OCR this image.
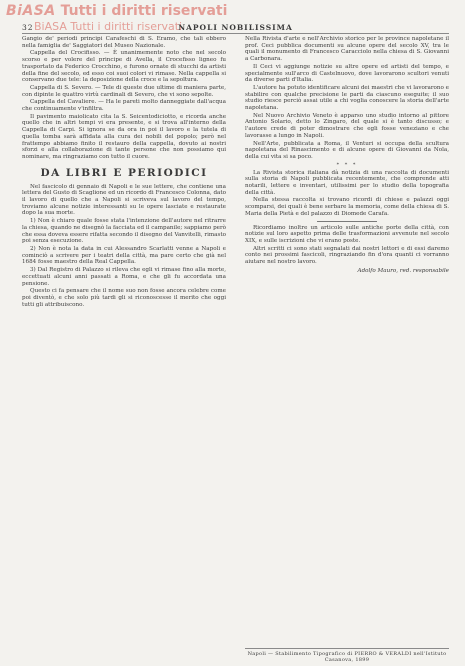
BiASA Tutti i diritti riservati
BiASA Tutti i diritti riservati
32	NAPOLI NOBILISSIMA

Gangio de' periodi principi Carafeschi di S. Eramo, che tali ebbero nella famiglia de' Saggiatori del Museo Nazionale.

Cappella del Crocifisso. — È unanimemente noto che nel secolo scorso e per volere del principe di Avella, il Crocefisso ligneo fu trasportato da Federico Crocchino, e furono ornate di stucchi da artisti della fine del secolo, ed esso coi suoi colori vi rimase. Nella cappella si conservano due tele: la deposizione della croce e la sepoltura.

Cappella di S. Severo. — Tele di queste due ultime di maniera parte, con dipinte le quattro virtù cardinali di Severo, che vi sono sepolte.

Cappella del Cavaliere. — Ha le pareti molto danneggiate dall'acqua che continuamente v'infiltra.

Il pavimento maiolicato cita la S. Seicentodiciotto, e ricorda anche quello che in altri tempi vi era presente, e si trova all'interno della Cappella di Carpi. Si ignora se da ora in poi il lavoro e la tutela di quella tomba sarà affidata alla cura dei nobili del popolo; però nel frattempo abbiamo finito il restauro della cappella, dovuto ai nostri sforzi e alla collaborazione di tante persone che non possiamo qui nominare, ma ringraziamo con tutto il cuore.

DA LIBRI E PERIODICI

Nel fascicolo di gennaio di Napoli e le sue lettere, che contiene una lettera del Gusto di Scaglione ed un ricordo di Francesco Colonna, dato il lavoro di quello che a Napoli si scriveva sul lavoro del tempo, troviamo alcune notizie interessanti su le opere lasciate e restaurate dopo la sua morte.

1) Non è chiaro quale fosse stata l'intenzione dell'autore nel ritrarre la chiesa, quando ne disegnò la facciata ed il campanile; sappiamo però che essa doveva essere rifatta secondo il disegno del Vanvitelli, rimasto poi senza esecuzione.

2) Non è nota la data in cui Alessandro Scarlatti venne a Napoli e cominciò a scrivere per i teatri della città, ma pare certo che già nel 1684 fosse maestro della Real Cappella.

3) Dal Registro di Palazzo si rileva che egli vi rimase fino alla morte, eccettuati alcuni anni passati a Roma, e che gli fu accordata una pensione.

Questo ci fa pensare che il nome suo non fosse ancora celebre come poi diventò, e che solo più tardi gli si riconoscesse il merito che oggi tutti gli attribuiscono.

Nella Rivista d'arte e nell'Archivio storico per le province napoletane il prof. Ceci pubblica documenti su alcune opere del secolo XV, tra le quali il monumento di Francesco Caracciolo nella chiesa di S. Giovanni a Carbonara.

Il Ceci vi aggiunge notizie su altre opere ed artisti del tempo, e specialmente sull'arco di Castelnuovo, dove lavorarono scultori venuti da diverse parti d'Italia.

L'autore ha potuto identificare alcuni dei maestri che vi lavorarono e stabilire con qualche precisione le parti da ciascuno eseguite; il suo studio riesce perciò assai utile a chi voglia conoscere la storia dell'arte napoletana.

Nel Nuovo Archivio Veneto è apparso uno studio intorno al pittore Antonio Solario, detto lo Zingaro, del quale si è tanto discusso; e l'autore crede di poter dimostrare che egli fosse veneziano e che lavorasse a lungo in Napoli.

Nell'Arte, pubblicata a Roma, il Venturi si occupa della scultura napoletana del Rinascimento e di alcune opere di Giovanni da Nola, della cui vita si sa poco.

* * *

La Rivista storica italiana dà notizia di una raccolta di documenti sulla storia di Napoli pubblicata recentemente, che comprende atti notarili, lettere e inventari, utilissimi per lo studio della topografia della città.

Nella stessa raccolta si trovano ricordi di chiese e palazzi oggi scomparsi, dei quali è bene serbare la memoria, come della chiesa di S. Maria della Pietà e del palazzo di Diomede Carafa.

Ricordiamo inoltre un articolo sulle antiche porte della città, con notizie sul loro aspetto prima delle trasformazioni avvenute nel secolo XIX, e sulle iscrizioni che vi erano poste.

Altri scritti ci sono stati segnalati dai nostri lettori e di essi daremo conto nei prossimi fascicoli, ringraziando fin d'ora quanti ci vorranno aiutare nel nostro lavoro.

Adolfo Mauro, red. responsabile
Napoli — Stabilimento Tipografico di PIERRO & VERALDI nell'Istituto Casanova, 1899
